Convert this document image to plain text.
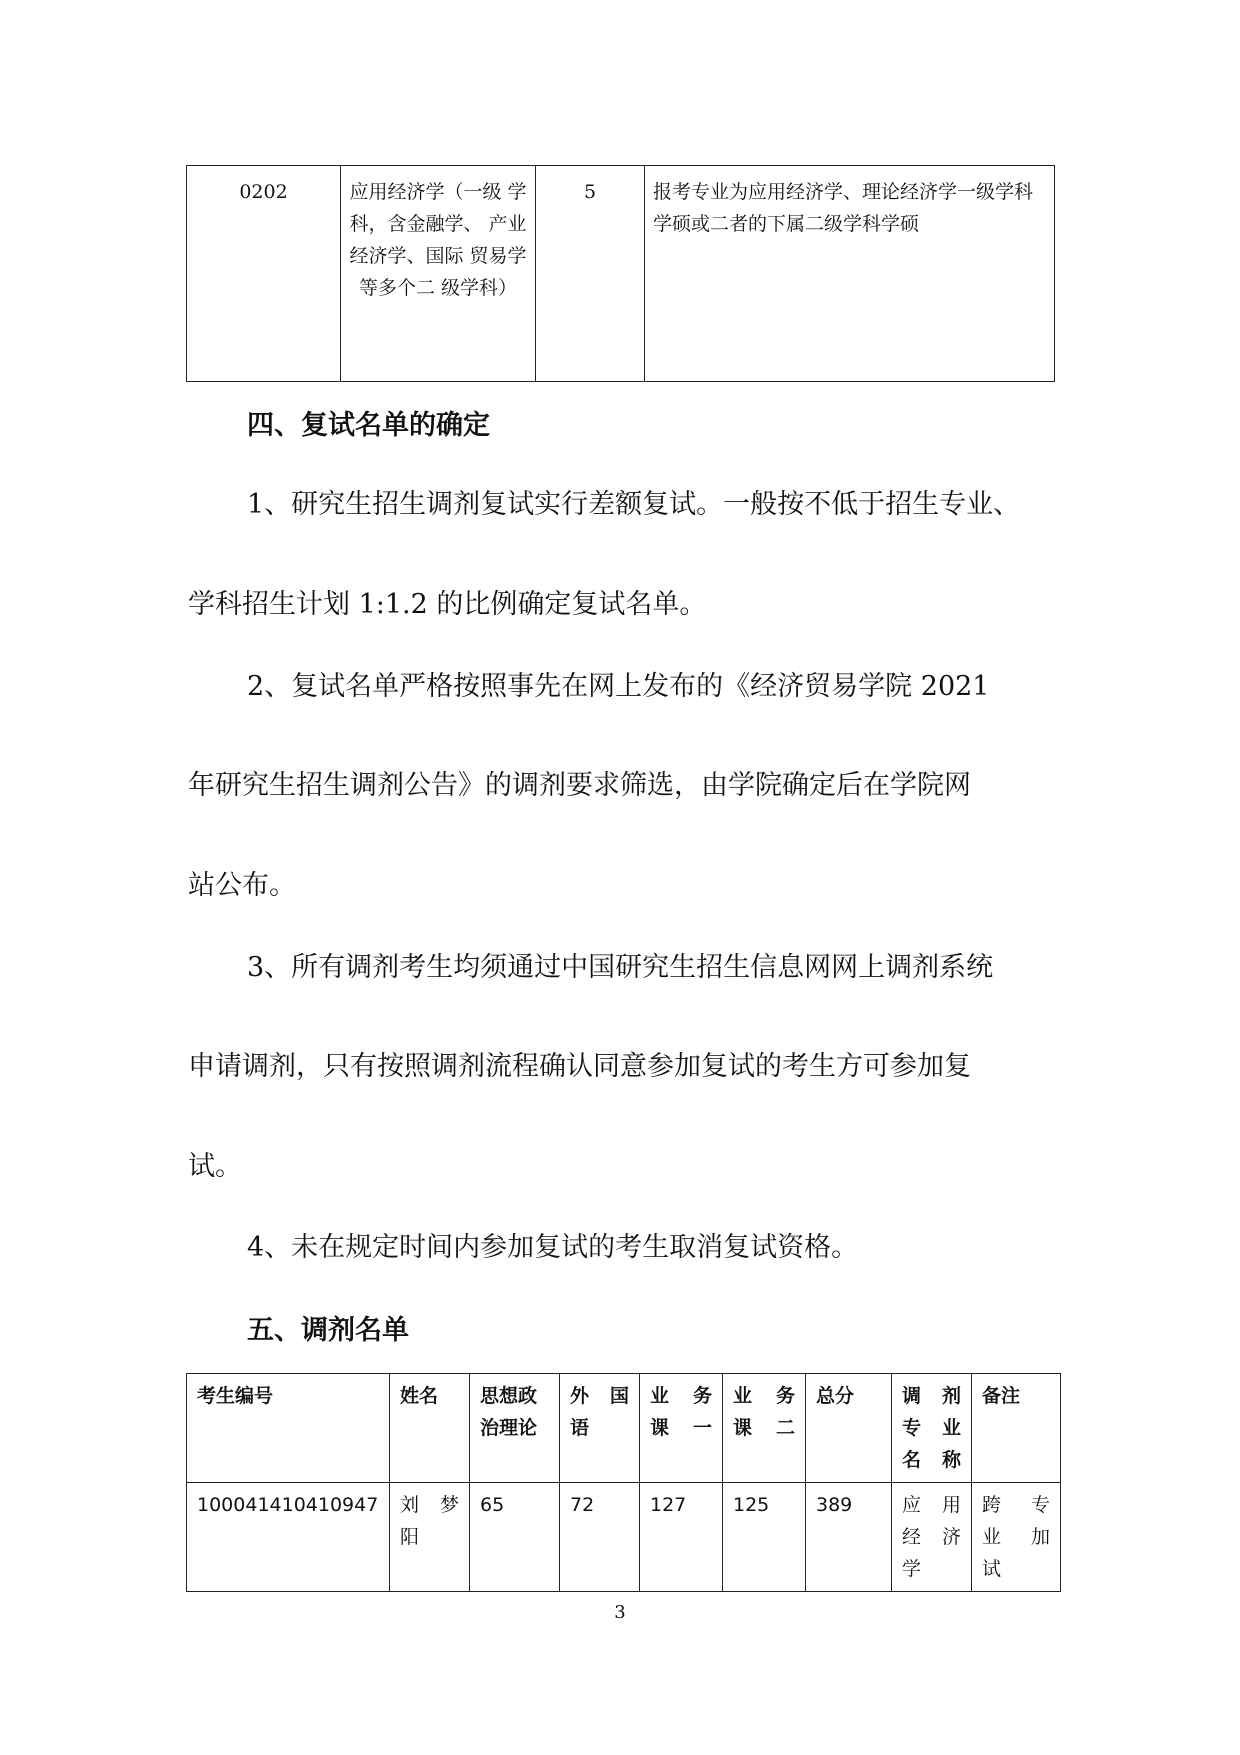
0202	应用经济学（一级 学科，含金融学、 产业经济学、国际 贸易学等多个二 级学科）	5	报考专业为应用经济学、理论经济学一级学科学硕或二者的下属二级学科学硕
四、复试名单的确定
1、研究生招生调剂复试实行差额复试。一般按不低于招生专业、
学科招生计划 1:1.2 的比例确定复试名单。
2、复试名单严格按照事先在网上发布的《经济贸易学院 2021
年研究生招生调剂公告》的调剂要求筛选，由学院确定后在学院网
站公布。
3、所有调剂考生均须通过中国研究生招生信息网网上调剂系统
申请调剂，只有按照调剂流程确认同意参加复试的考生方可参加复
试。
4、未在规定时间内参加复试的考生取消复试资格。
五、调剂名单
考生编号	姓名	思想政治理论	外 国 语	业 务 课一	业 务 课二	总分	调 剂 专 业 名称	备注
100041410410947	刘 梦 阳	65	72	127	125	389	应 用 经 济 学	跨 专 业 加 试
3
